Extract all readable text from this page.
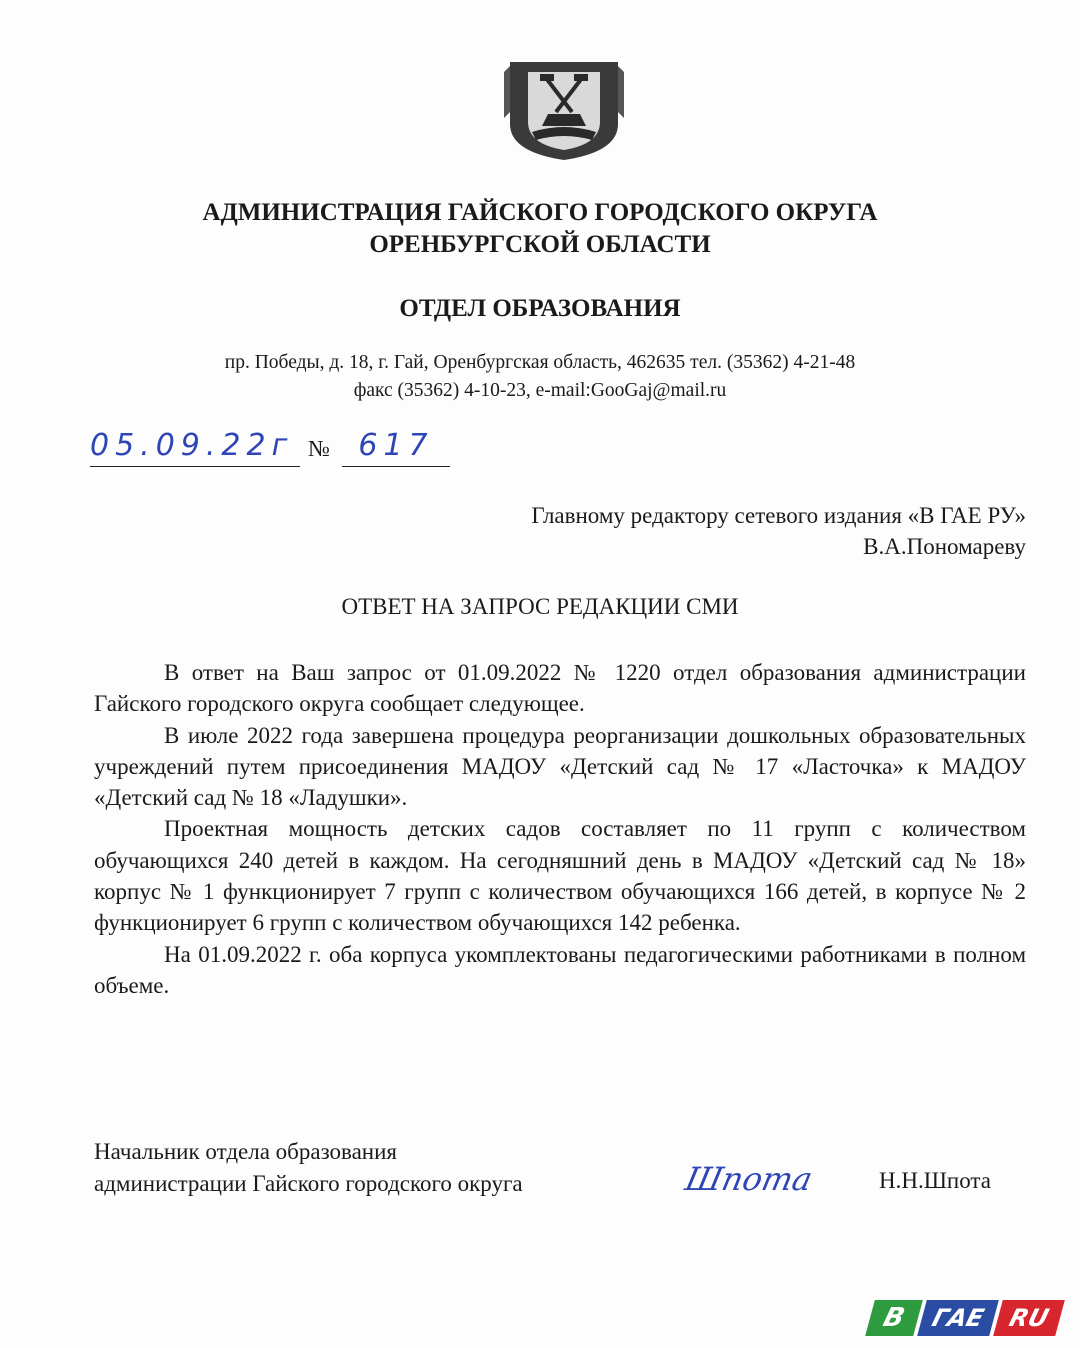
АДМИНИСТРАЦИЯ ГАЙСКОГО ГОРОДСКОГО ОКРУГА
ОРЕНБУРГСКОЙ ОБЛАСТИ
ОТДЕЛ ОБРАЗОВАНИЯ
пр. Победы, д. 18, г. Гай, Оренбургская область, 462635 тел. (35362) 4-21-48
факс (35362) 4-10-23, e-mail:GooGaj@mail.ru
05.09.22г № 617
Главному редактору сетевого издания «В ГАЕ РУ»
В.А.Пономареву
ОТВЕТ НА ЗАПРОС РЕДАКЦИИ СМИ

В ответ на Ваш запрос от 01.09.2022 № 1220 отдел образования администрации Гайского городского округа сообщает следующее.

В июле 2022 года завершена процедура реорганизации дошкольных образовательных учреждений путем присоединения МАДОУ «Детский сад № 17 «Ласточка» к МАДОУ «Детский сад № 18 «Ладушки».

Проектная мощность детских садов составляет по 11 групп с количеством обучающихся 240 детей в каждом. На сегодняшний день в МАДОУ «Детский сад № 18» корпус № 1 функционирует 7 групп с количеством обучающихся 166 детей, в корпусе № 2 функционирует 6 групп с количеством обучающихся 142 ребенка.

На 01.09.2022 г. оба корпуса укомплектованы педагогическими работниками в полном объеме.

Начальник отдела образования
администрации Гайского городского округа	Шпота	Н.Н.Шпота
В ГАЕ RU
